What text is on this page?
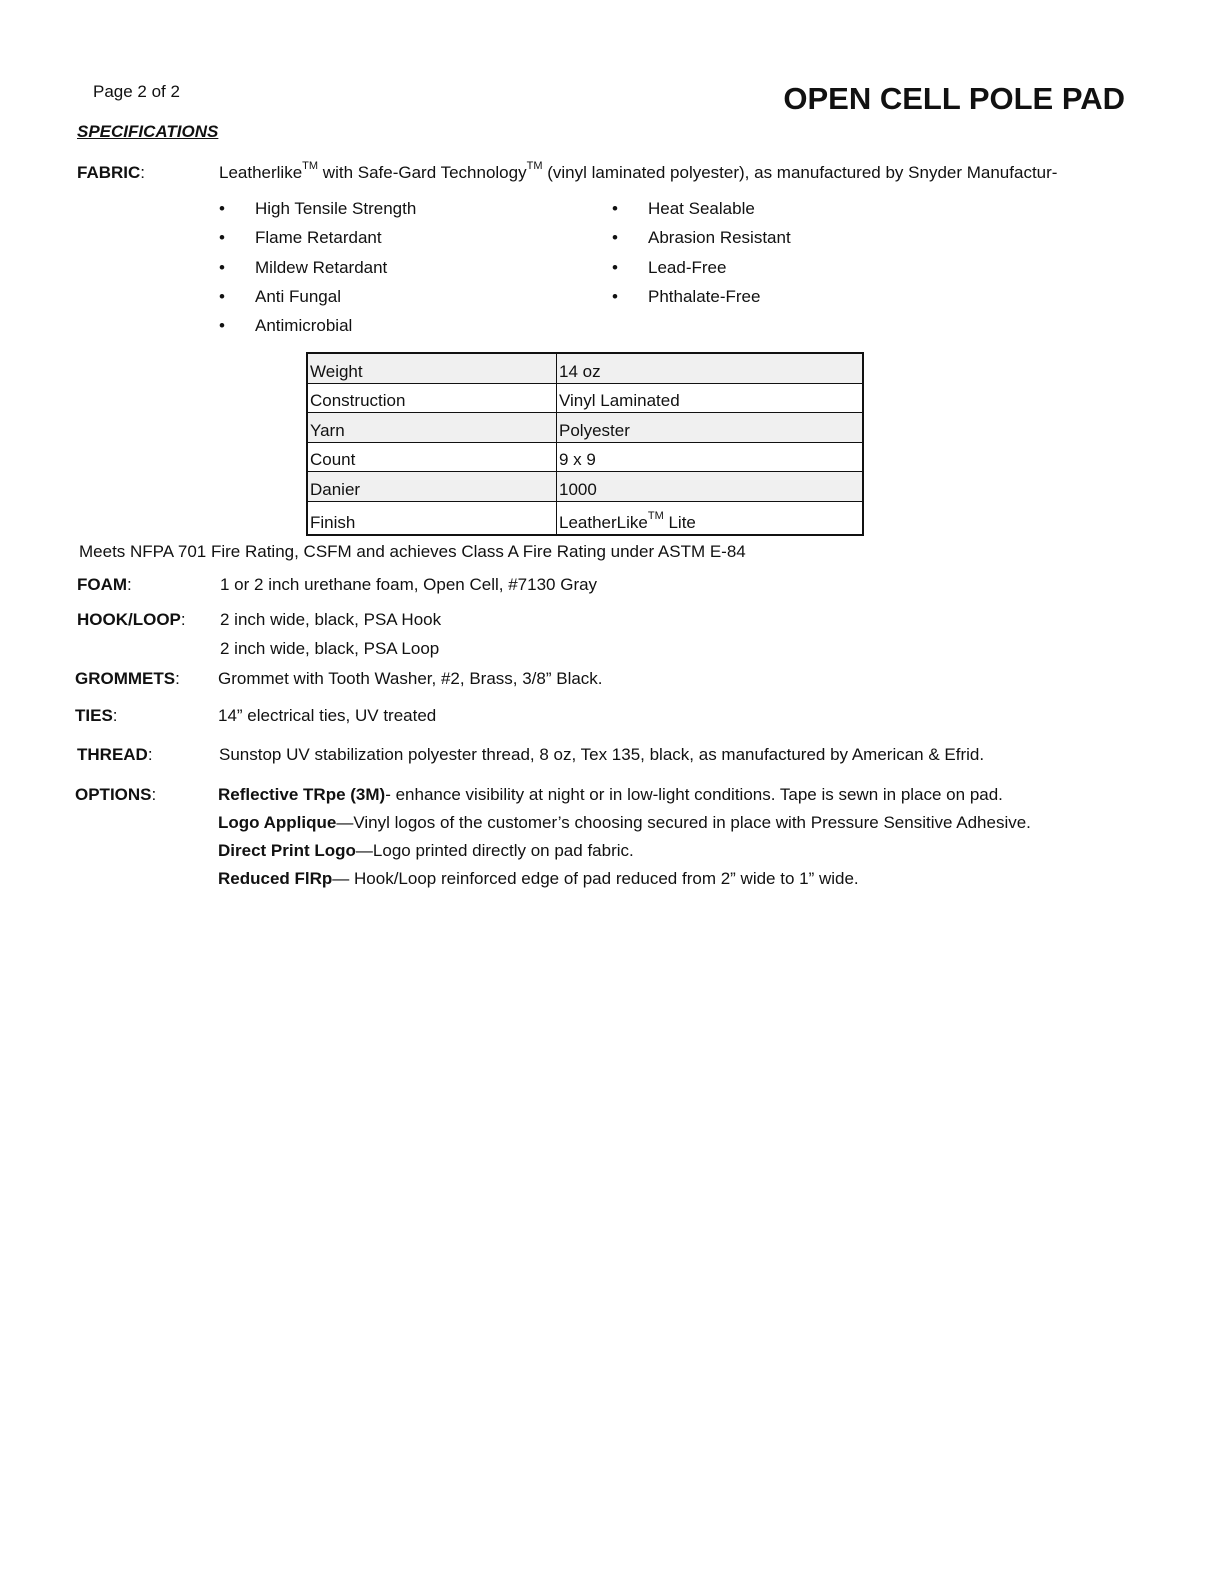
Page 2 of 2	OPEN CELL POLE PAD
SPECIFICATIONS
FABRIC:	Leatherlike™ with Safe-Gard Technology™ (vinyl laminated polyester), as manufactured by Snyder Manufactur-
• High Tensile Strength
• Flame Retardant
• Mildew Retardant
• Anti Fungal
• Antimicrobial
• Heat Sealable
• Abrasion Resistant
• Lead-Free
• Phthalate-Free
Weight	14 oz
Construction	Vinyl Laminated
Yarn	Polyester
Count	9 x 9
Danier	1000
Finish	LeatherLike™ Lite
Meets NFPA 701 Fire Rating, CSFM and achieves Class A Fire Rating under ASTM E-84
FOAM:	1 or 2 inch urethane foam, Open Cell, #7130 Gray
HOOK/LOOP: 2 inch wide, black, PSA Hook
2 inch wide, black, PSA Loop
GROMMETS: Grommet with Tooth Washer, #2, Brass, 3/8” Black.
TIES:	14” electrical ties, UV treated
THREAD:	Sunstop UV stabilization polyester thread, 8 oz, Tex 135, black, as manufactured by American & Efrid.
OPTIONS:	Reflective TRpe (3M)- enhance visibility at night or in low-light conditions. Tape is sewn in place on pad.
Logo Applique—Vinyl logos of the customer’s choosing secured in place with Pressure Sensitive Adhesive.
Direct Print Logo—Logo printed directly on pad fabric.
Reduced FlRp— Hook/Loop reinforced edge of pad reduced from 2” wide to 1” wide.
